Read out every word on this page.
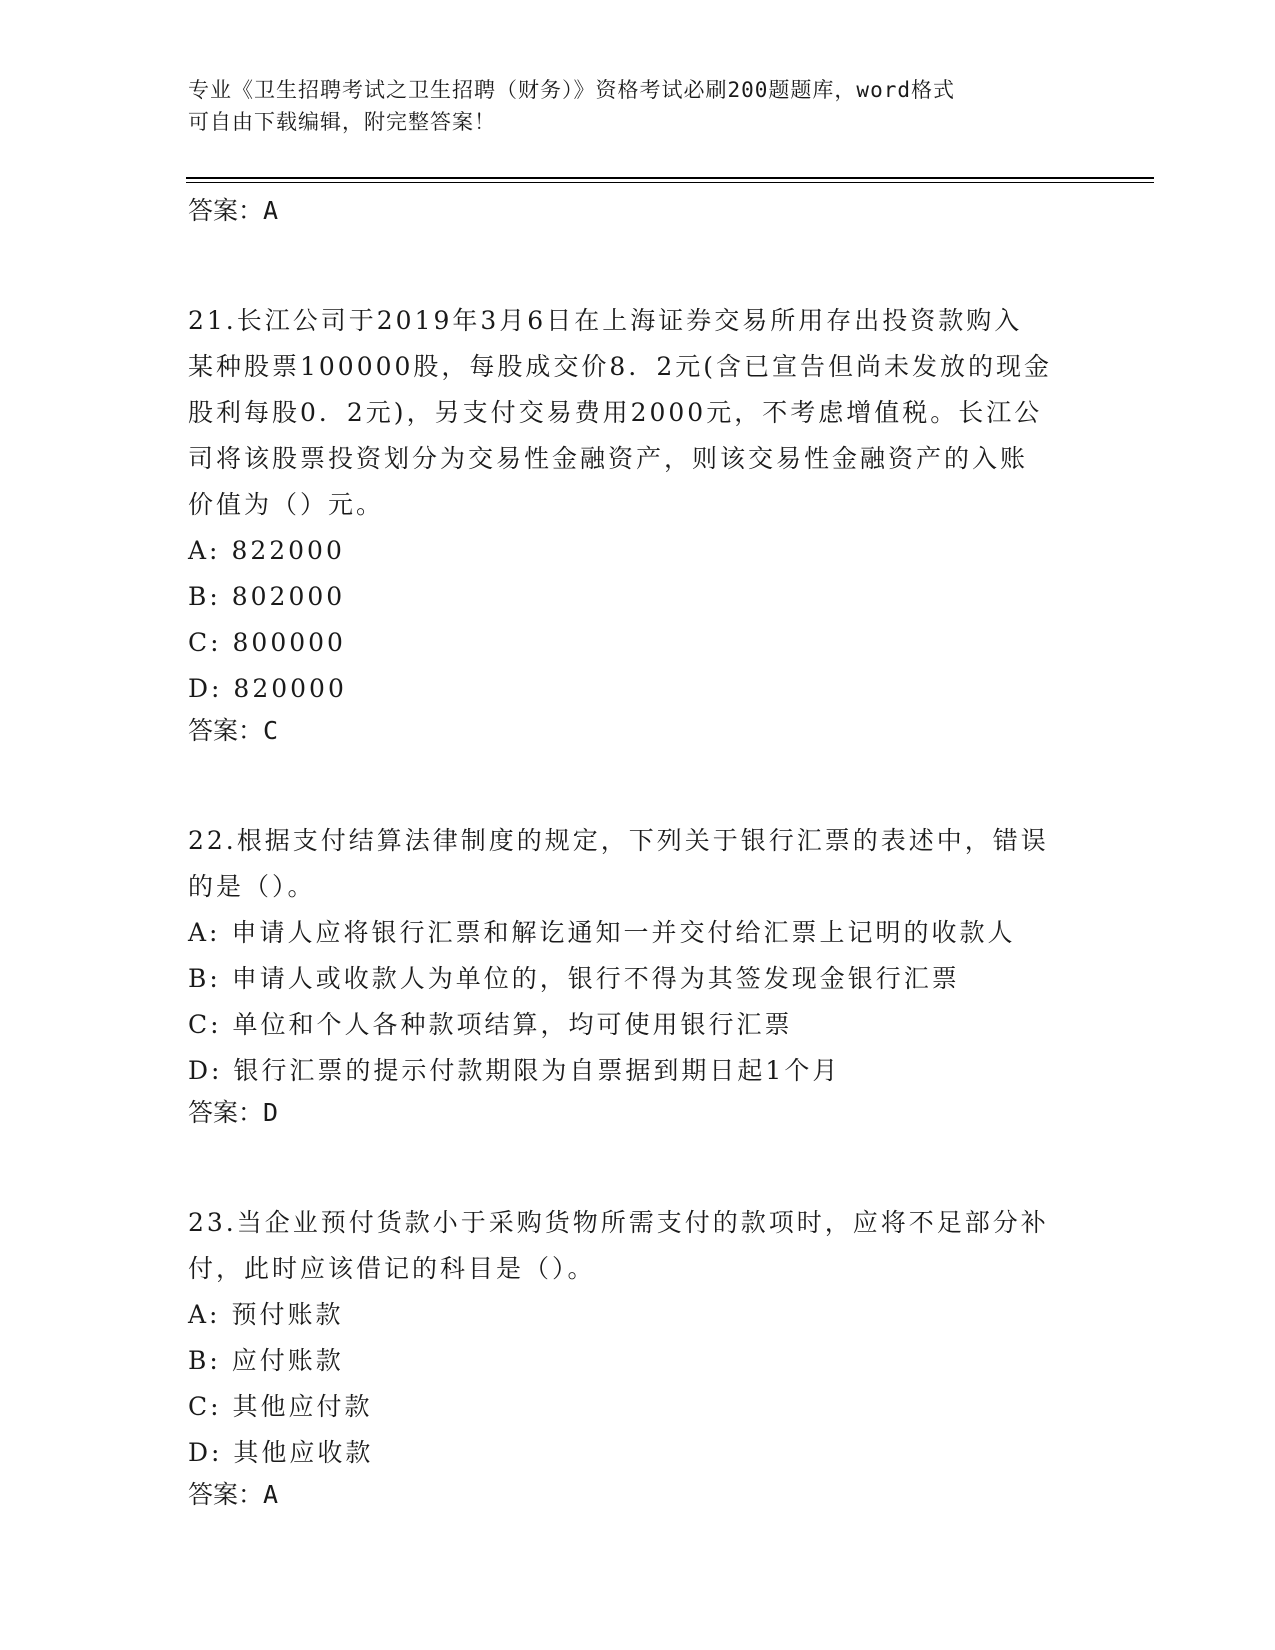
专业《卫生招聘考试之卫生招聘（财务）》资格考试必刷200题题库，word格式
可自由下载编辑，附完整答案！
答案：A
21.长江公司于2019年3月6日在上海证券交易所用存出投资款购入
某种股票100000股，每股成交价8．2元(含已宣告但尚未发放的现金
股利每股0．2元)，另支付交易费用2000元，不考虑增值税。长江公
司将该股票投资划分为交易性金融资产，则该交易性金融资产的入账
价值为（）元。
A: 822000
B: 802000
C: 800000
D: 820000
答案：C
22.根据支付结算法律制度的规定，下列关于银行汇票的表述中，错误
的是（）。
A: 申请人应将银行汇票和解讫通知一并交付给汇票上记明的收款人
B: 申请人或收款人为单位的，银行不得为其签发现金银行汇票
C: 单位和个人各种款项结算，均可使用银行汇票
D: 银行汇票的提示付款期限为自票据到期日起1个月
答案：D
23.当企业预付货款小于采购货物所需支付的款项时，应将不足部分补
付，此时应该借记的科目是（）。
A: 预付账款
B: 应付账款
C: 其他应付款
D: 其他应收款
答案：A
